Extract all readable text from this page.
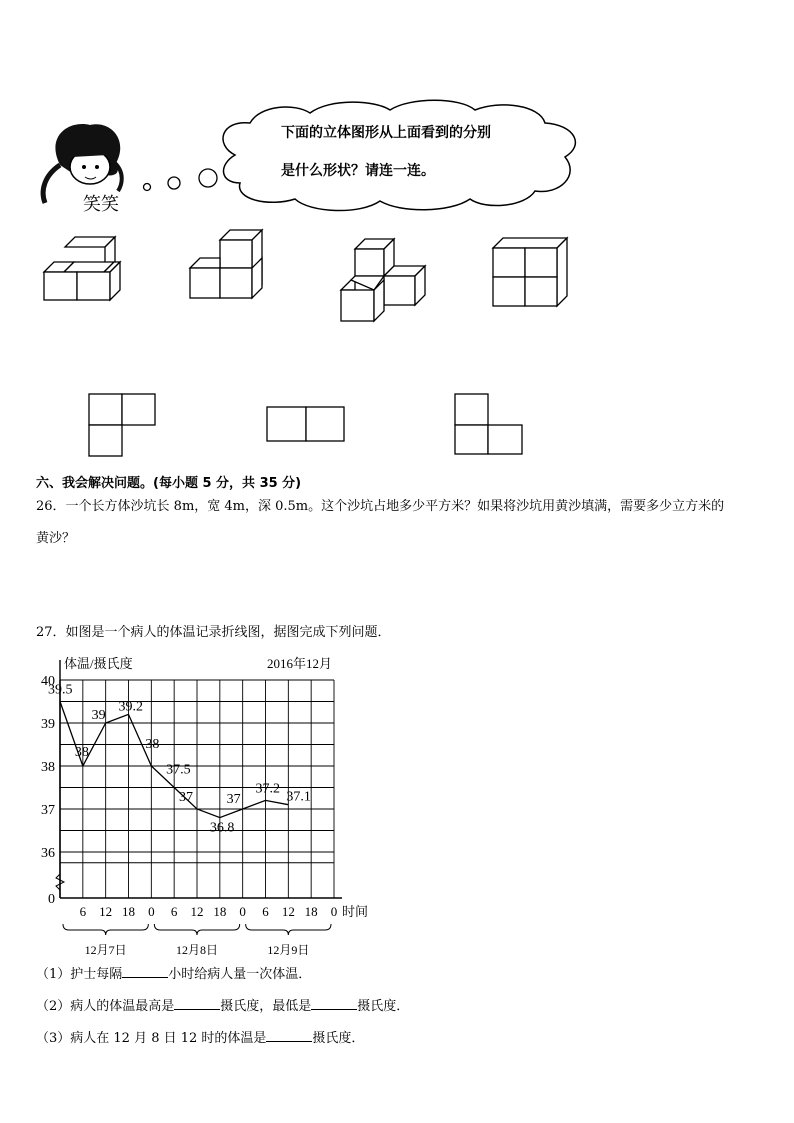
笑笑
下面的立体图形从上面看到的分别
是什么形状？请连一连。
六、我会解决问题。(每小题 5 分，共 35 分)
26．一个长方体沙坑长 8m，宽 4m，深 0.5m。这个沙坑占地多少平方米？如果将沙坑用黄沙填满，需要多少立方米的
黄沙？
27．如图是一个病人的体温记录折线图，据图完成下列问题．
40
39
38
37
36
0
体温/摄氏度	2016年12月
6 12 18 0 6 12 18 0 6 12 18 0 时间
12月7日	12月8日	12月9日
39.5
38
39
39.2
38
37.5
37
36.8
37
37.2
37.1
（1）护士每隔	小时给病人量一次体温．
（2）病人的体温最高是	摄氏度，最低是	摄氏度．
（3）病人在 12 月 8 日 12 时的体温是	摄氏度．
